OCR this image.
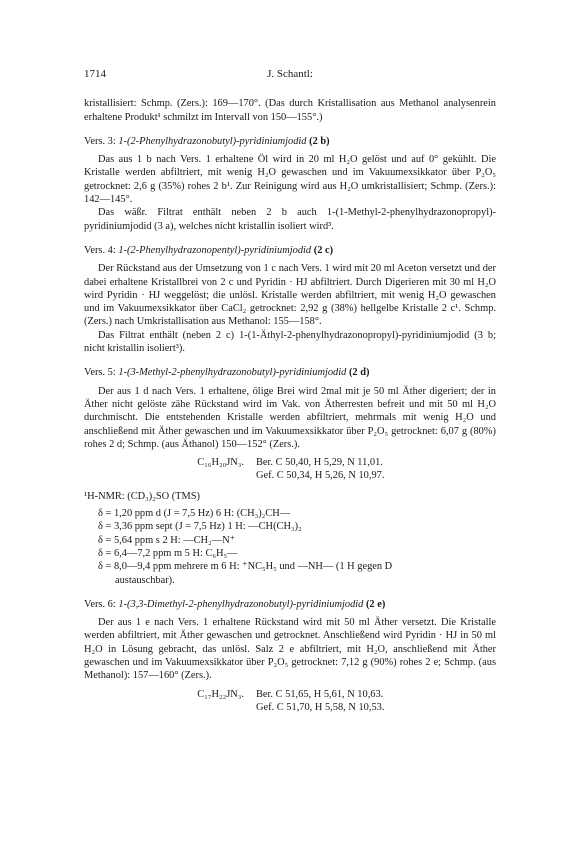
1714	J. Schantl:

kristallisiert: Schmp. (Zers.): 169—170°. (Das durch Kristallisation aus Methanol analysenrein erhaltene Produkt¹ schmilzt im Intervall von 150—155°.)

Vers. 3: 1-(2-Phenylhydrazonobutyl)-pyridiniumjodid (2 b)

Das aus 1 b nach Vers. 1 erhaltene Öl wird in 20 ml H₂O gelöst und auf 0° gekühlt. Die Kristalle werden abfiltriert, mit wenig H₂O gewaschen und im Vakuumexsikkator über P₂O₅ getrocknet: 2,6 g (35%) rohes 2 b¹. Zur Reinigung wird aus H₂O umkristallisiert; Schmp. (Zers.): 142—145°.

Das wäßr. Filtrat enthält neben 2 b auch 1-(1-Methyl-2-phenylhydrazonopropyl)-pyridiniumjodid (3 a), welches nicht kristallin isoliert wird³.

Vers. 4: 1-(2-Phenylhydrazonopentyl)-pyridiniumjodid (2 c)

Der Rückstand aus der Umsetzung von 1 c nach Vers. 1 wird mit 20 ml Aceton versetzt und der dabei erhaltene Kristallbrei von 2 c und Pyridin · HJ abfiltriert. Durch Digerieren mit 30 ml H₂O wird Pyridin · HJ weggelöst; die unlösl. Kristalle werden abfiltriert, mit wenig H₂O gewaschen und im Vakuumexsikkator über CaCl₂ getrocknet: 2,92 g (38%) hellgelbe Kristalle 2 c¹. Schmp. (Zers.) nach Umkristallisation aus Methanol: 155—158°.

Das Filtrat enthält (neben 2 c) 1-(1-Äthyl-2-phenylhydrazonopropyl)-pyridiniumjodid (3 b; nicht kristallin isoliert³).

Vers. 5: 1-(3-Methyl-2-phenylhydrazonobutyl)-pyridiniumjodid (2 d)

Der aus 1 d nach Vers. 1 erhaltene, ölige Brei wird 2mal mit je 50 ml Äther digeriert; der in Äther nicht gelöste zähe Rückstand wird im Vak. von Ätherresten befreit und mit 50 ml H₂O durchmischt. Die entstehenden Kristalle werden abfiltriert, mehrmals mit wenig H₂O und anschließend mit Äther gewaschen und im Vakuumexsikkator über P₂O₅ getrocknet: 6,07 g (80%) rohes 2 d; Schmp. (aus Äthanol) 150—152° (Zers.).

C₁₆H₂₀JN₃.	Ber. C 50,40, H 5,29, N 11,01.
Gef. C 50,34, H 5,26, N 10,97.

¹H-NMR: (CD₃)₂SO (TMS)

δ = 1,20 ppm d (J = 7,5 Hz) 6 H: (CH₃)₂CH—

δ = 3,36 ppm sept (J = 7,5 Hz) 1 H: —CH(CH₃)₂

δ = 5,64 ppm s 2 H: —CH₂—N⁺

δ = 6,4—7,2 ppm m 5 H: C₆H₅—

δ = 8,0—9,4 ppm mehrere m 6 H: ⁺NC₅H₅ und —NH— (1 H gegen D

austauschbar).

Vers. 6: 1-(3,3-Dimethyl-2-phenylhydrazonobutyl)-pyridiniumjodid (2 e)

Der aus 1 e nach Vers. 1 erhaltene Rückstand wird mit 50 ml Äther versetzt. Die Kristalle werden abfiltriert, mit Äther gewaschen und getrocknet. Anschließend wird Pyridin · HJ in 50 ml H₂O in Lösung gebracht, das unlösl. Salz 2 e abfiltriert, mit H₂O, anschließend mit Äther gewaschen und im Vakuumexsikkator über P₂O₅ getrocknet: 7,12 g (90%) rohes 2 e; Schmp. (aus Methanol): 157—160° (Zers.).

C₁₇H₂₂JN₃.	Ber. C 51,65, H 5,61, N 10,63.
Gef. C 51,70, H 5,58, N 10,53.
